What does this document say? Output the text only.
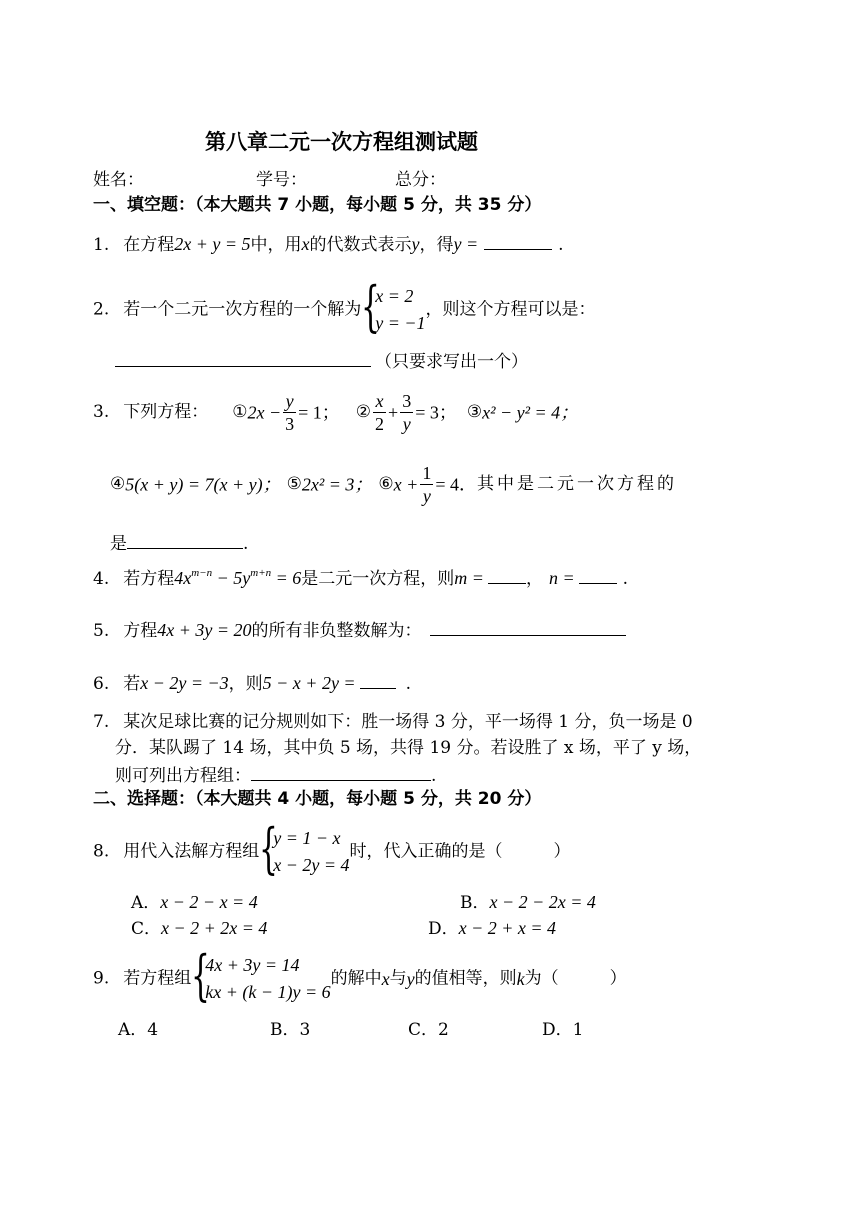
第八章二元一次方程组测试题
姓名：	学号：	总分：
一、填空题：（本大题共 7 小题，每小题 5 分，共 35 分）
1. 在方程2x + y = 5中，用x的代数式表示y，得y =	.
2. 若一个二元一次方程的一个解为 {
x = 2
y = −1
，则这个方程可以是：
（只要求写出一个）
3. 下列方程： ①2x − $\frac{y}{3} = 1$； ② $\frac{x}{2} + \frac{3}{y} = 3$； ③x² − y² = 4；
④5(x + y) = 7(x + y)； ⑤2x² = 3； ⑥x + $\frac{1}{y} = 4$．其中是二元一次方程的
是	.
4. 若方程$4x^{m-n} - 5y^{m+n} = 6$是二元一次方程，则m = ， n =	.
5. 方程4x + 3y = 20的所有非负整数解为：
6. 若x − 2y = −3，则5 − x + 2y =	.
7. 某次足球比赛的记分规则如下：胜一场得 3 分，平一场得 1 分，负一场是 0
分．某队踢了 14 场，其中负 5 场，共得 19 分。若设胜了 x 场，平了 y 场，
则可列出方程组：	.
二、选择题：（本大题共 4 小题，每小题 5 分，共 20 分）
8. 用代入法解方程组 {
y = 1 − x
x − 2y = 4
时，代入正确的是（　　　）
A．x − 2 − x = 4	B．x − 2 − 2x = 4
C．x − 2 + 2x = 4	D．x − 2 + x = 4
9. 若方程组 {
4x + 3y = 14
kx + (k − 1)y = 6
的解中x与y的值相等，则k为（　　　）
A．4	B．3	C．2	D．1
